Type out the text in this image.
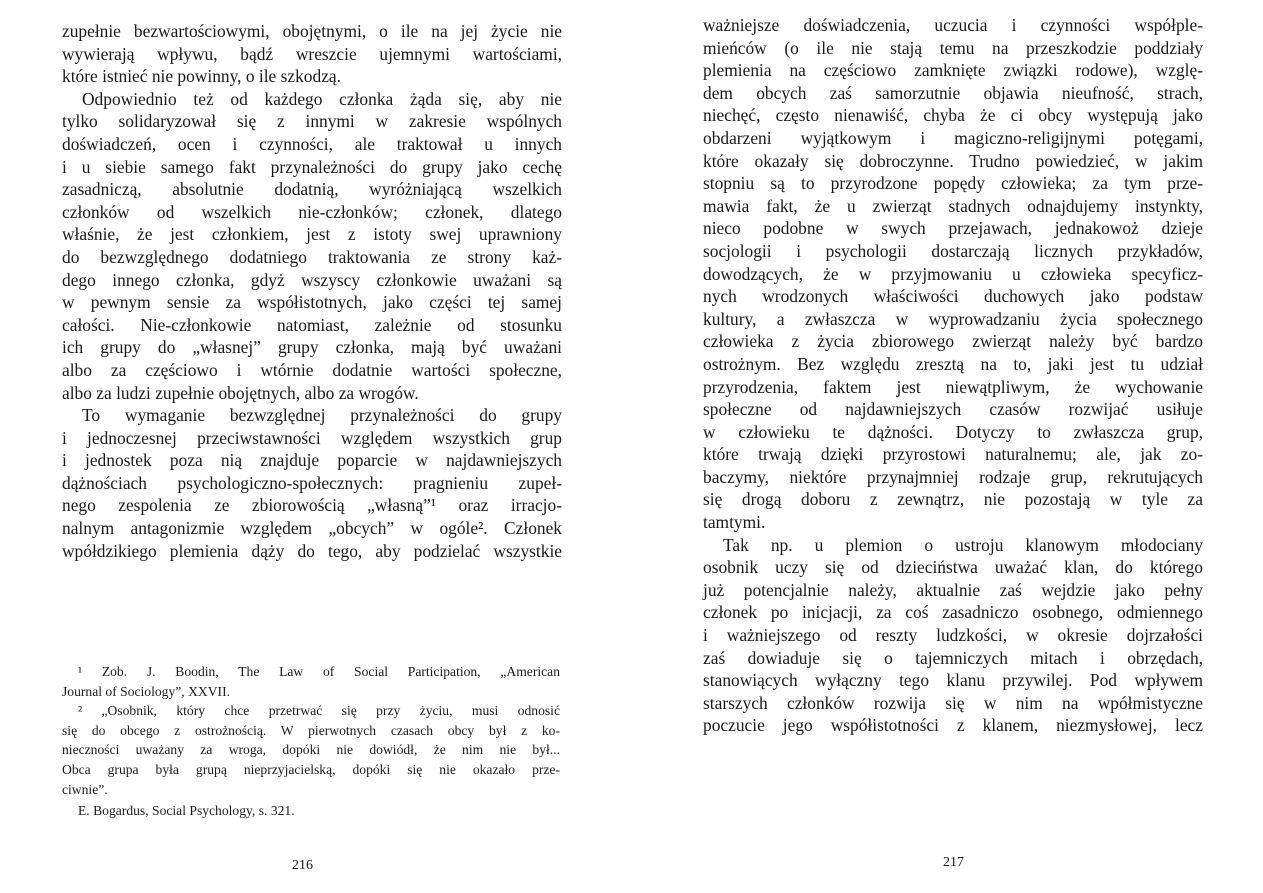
zupełnie bezwartościowymi, obojętnymi, o ile na jej życie nie
wywierają wpływu, bądź wreszcie ujemnymi wartościami,
które istnieć nie powinny, o ile szkodzą.
Odpowiednio też od każdego członka żąda się, aby nie
tylko solidaryzował się z innymi w zakresie wspólnych
doświadczeń, ocen i czynności, ale traktował u innych
i u siebie samego fakt przynależności do grupy jako cechę
zasadniczą, absolutnie dodatnią, wyróżniającą wszelkich
członków od wszelkich nie-członków; członek, dlatego
właśnie, że jest członkiem, jest z istoty swej uprawniony
do bezwzględnego dodatniego traktowania ze strony każ-
dego innego członka, gdyż wszyscy członkowie uważani są
w pewnym sensie za współistotnych, jako części tej samej
całości. Nie-członkowie natomiast, zależnie od stosunku
ich grupy do „własnej” grupy członka, mają być uważani
albo za częściowo i wtórnie dodatnie wartości społeczne,
albo za ludzi zupełnie obojętnych, albo za wrogów.
To wymaganie bezwzględnej przynależności do grupy
i jednoczesnej przeciwstawności względem wszystkich grup
i jednostek poza nią znajduje poparcie w najdawniejszych
dążnościach psychologiczno-społecznych: pragnieniu zupeł-
nego zespolenia ze zbiorowością „własną”¹ oraz irracjo-
nalnym antagonizmie względem „obcych” w ogóle². Członek
wpółdzikiego plemienia dąży do tego, aby podzielać wszystkie
¹ Zob. J. Boodin, The Law of Social Participation, „American
Journal of Sociology”, XXVII.
² „Osobnik, który chce przetrwać się przy życiu, musi odnosić
się do obcego z ostrożnością. W pierwotnych czasach obcy był z ko-
nieczności uważany za wroga, dopóki nie dowiódł, że nim nie był...
Obca grupa była grupą nieprzyjacielską, dopóki się nie okazało prze-
ciwnie”.
E. Bogardus, Social Psychology, s. 321.
216
ważniejsze doświadczenia, uczucia i czynności współple-
mieńców (o ile nie stają temu na przeszkodzie poddziały
plemienia na częściowo zamknięte związki rodowe), wzglę-
dem obcych zaś samorzutnie objawia nieufność, strach,
niechęć, często nienawiść, chyba że ci obcy występują jako
obdarzeni wyjątkowym i magiczno-religijnymi potęgami,
które okazały się dobroczynne. Trudno powiedzieć, w jakim
stopniu są to przyrodzone popędy człowieka; za tym prze-
mawia fakt, że u zwierząt stadnych odnajdujemy instynkty,
nieco podobne w swych przejawach, jednakowoż dzieje
socjologii i psychologii dostarczają licznych przykładów,
dowodzących, że w przyjmowaniu u człowieka specyficz-
nych wrodzonych właściwości duchowych jako podstaw
kultury, a zwłaszcza w wyprowadzaniu życia społecznego
człowieka z życia zbiorowego zwierząt należy być bardzo
ostrożnym. Bez względu zresztą na to, jaki jest tu udział
przyrodzenia, faktem jest niewątpliwym, że wychowanie
społeczne od najdawniejszych czasów rozwijać usiłuje
w człowieku te dążności. Dotyczy to zwłaszcza grup,
które trwają dzięki przyrostowi naturalnemu; ale, jak zo-
baczymy, niektóre przynajmniej rodzaje grup, rekrutujących
się drogą doboru z zewnątrz, nie pozostają w tyle za
tamtymi.
Tak np. u plemion o ustroju klanowym młodociany
osobnik uczy się od dzieciństwa uważać klan, do którego
już potencjalnie należy, aktualnie zaś wejdzie jako pełny
członek po inicjacji, za coś zasadniczo osobnego, odmiennego
i ważniejszego od reszty ludzkości, w okresie dojrzałości
zaś dowiaduje się o tajemniczych mitach i obrzędach,
stanowiących wyłączny tego klanu przywilej. Pod wpływem
starszych członków rozwija się w nim na wpółmistyczne
poczucie jego współistotności z klanem, niezmysłowej, lecz
217
